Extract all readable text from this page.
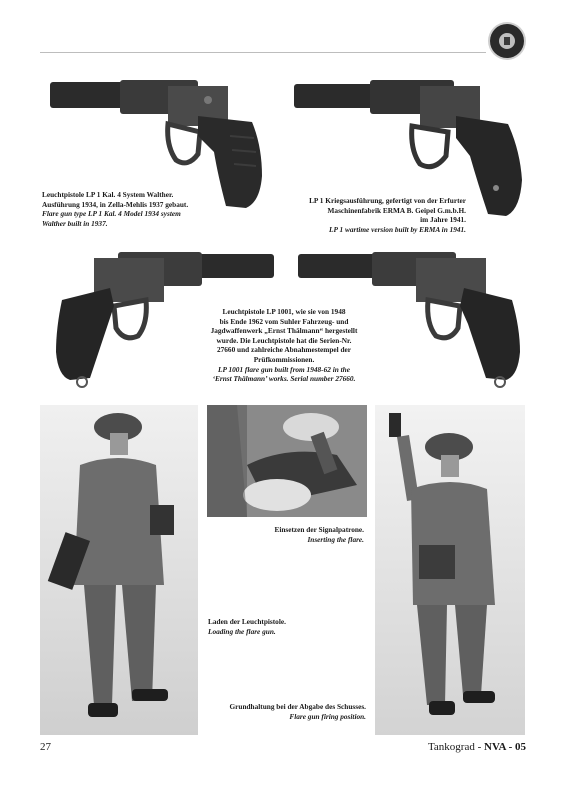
Leuchtpistole LP 1 Kal. 4 System Walther.
Ausführung 1934, in Zella-Mehlis 1937 gebaut.
Flare gun type LP 1 Kal. 4 Model 1934 system
Walther built in 1937.
LP 1 Kriegsausführung, gefertigt von der Erfurter
Maschinenfabrik ERMA B. Geipel G.m.b.H.
im Jahre 1941.
LP 1 wartime version built by ERMA in 1941.
Leuchtpistole LP 1001, wie sie von 1948
bis Ende 1962 vom Suhler Fahrzeug- und
Jagdwaffenwerk „Ernst Thälmann“ hergestellt
wurde. Die Leuchtpistole hat die Serien-Nr.
27660 und zahlreiche Abnahmestempel der
Prüfkommissionen.
LP 1001 flare gun built from 1948-62 in the
‘Ernst Thälmann’ works. Serial number 27660.
Einsetzen der Signalpatrone.
Inserting the flare.
Laden der Leuchtpistole.
Loading the flare gun.
Grundhaltung bei der Abgabe des Schusses.
Flare gun firing position.
27	Tankograd - NVA - 05
